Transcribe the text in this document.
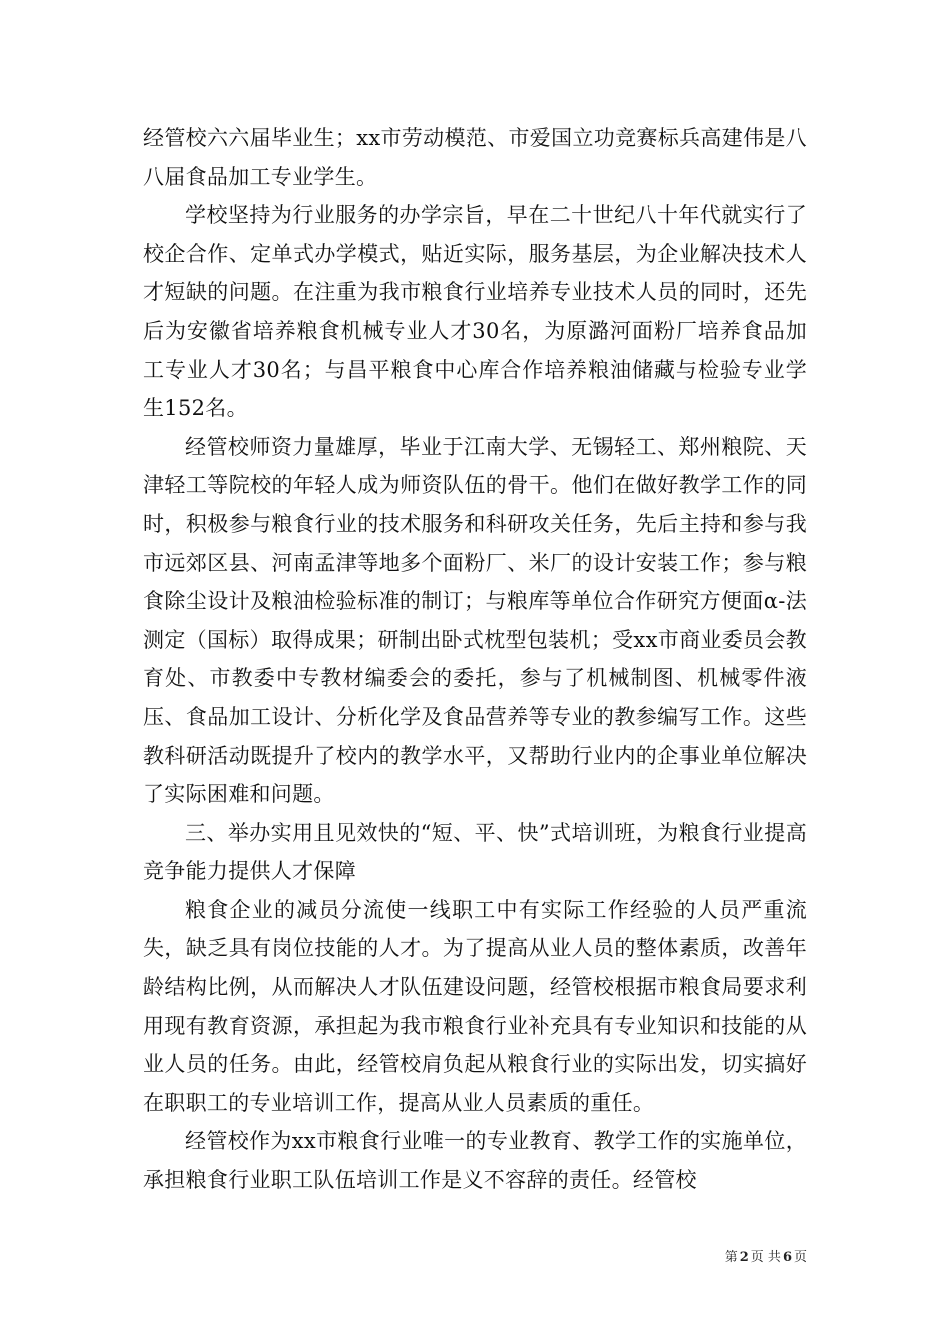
经管校六六届毕业生；xx市劳动模范、市爱国立功竞赛标兵高建伟是八八届食品加工专业学生。

学校坚持为行业服务的办学宗旨，早在二十世纪八十年代就实行了校企合作、定单式办学模式，贴近实际，服务基层，为企业解决技术人才短缺的问题。在注重为我市粮食行业培养专业技术人员的同时，还先后为安徽省培养粮食机械专业人才30名，为原潞河面粉厂培养食品加工专业人才30名；与昌平粮食中心库合作培养粮油储藏与检验专业学生152名。

经管校师资力量雄厚，毕业于江南大学、无锡轻工、郑州粮院、天津轻工等院校的年轻人成为师资队伍的骨干。他们在做好教学工作的同时，积极参与粮食行业的技术服务和科研攻关任务，先后主持和参与我市远郊区县、河南孟津等地多个面粉厂、米厂的设计安装工作；参与粮食除尘设计及粮油检验标准的制订；与粮库等单位合作研究方便面α-法测定（国标）取得成果；研制出卧式枕型包装机；受xx市商业委员会教育处、市教委中专教材编委会的委托，参与了机械制图、机械零件液压、食品加工设计、分析化学及食品营养等专业的教参编写工作。这些教科研活动既提升了校内的教学水平，又帮助行业内的企事业单位解决了实际困难和问题。

三、举办实用且见效快的“短、平、快”式培训班，为粮食行业提高竞争能力提供人才保障

粮食企业的减员分流使一线职工中有实际工作经验的人员严重流失，缺乏具有岗位技能的人才。为了提高从业人员的整体素质，改善年龄结构比例，从而解决人才队伍建设问题，经管校根据市粮食局要求利用现有教育资源，承担起为我市粮食行业补充具有专业知识和技能的从业人员的任务。由此，经管校肩负起从粮食行业的实际出发，切实搞好在职职工的专业培训工作，提高从业人员素质的重任。

经管校作为xx市粮食行业唯一的专业教育、教学工作的实施单位，承担粮食行业职工队伍培训工作是义不容辞的责任。经管校

第 2 页 共 6 页
